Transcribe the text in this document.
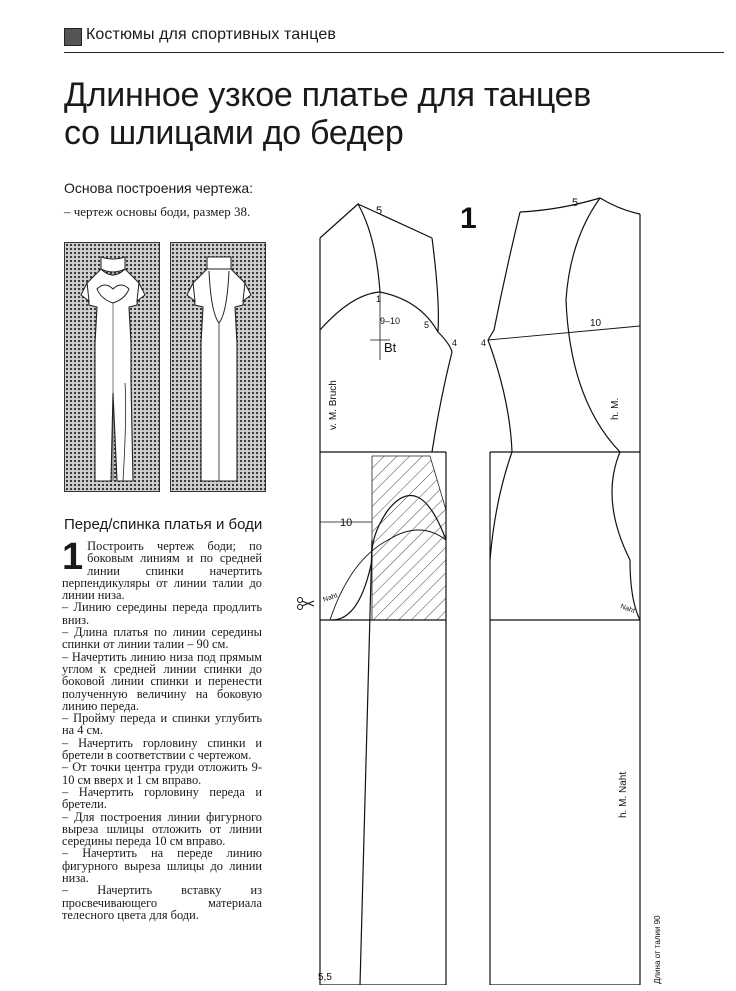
Костюмы для спортивных танцев
Длинное узкое платье для танцев
со шлицами до бедер
Основа построения чертежа:
– чертеж основы боди, размер 38.
Перед/спинка платья и боди
1 Построить чертеж боди; по боковым линиям и по средней линии спинки начертить перпендикуляры от линии талии до линии низа.

– Линию середины переда продлить вниз.

– Длина платья по линии середины спинки от линии талии – 90 см.

– Начертить линию низа под прямым углом к средней линии спинки до боковой линии спинки и перенести полученную величину на боковую линию переда.

– Пройму переда и спинки углубить на 4 см.

– Начертить горловину спинки и бретели в соответствии с чертежом.

– От точки центра груди отложить 9-10 см вверх и 1 см вправо.

– Начертить горловину переда и бретели.

– Для построения линии фигурного выреза шлицы отложить от линии середины переда 10 см вправо.

– Начертить на переде линию фигурного выреза шлицы до линии низа.

– Начертить вставку из просвечивающего материала телесного цвета для боди.

1
5
5
1
9–10
Bt
5
4	4
10
v. M. Bruch	h. M.
10
Naht
Naht
h. M. Naht
5,5	Длина от талии 90
